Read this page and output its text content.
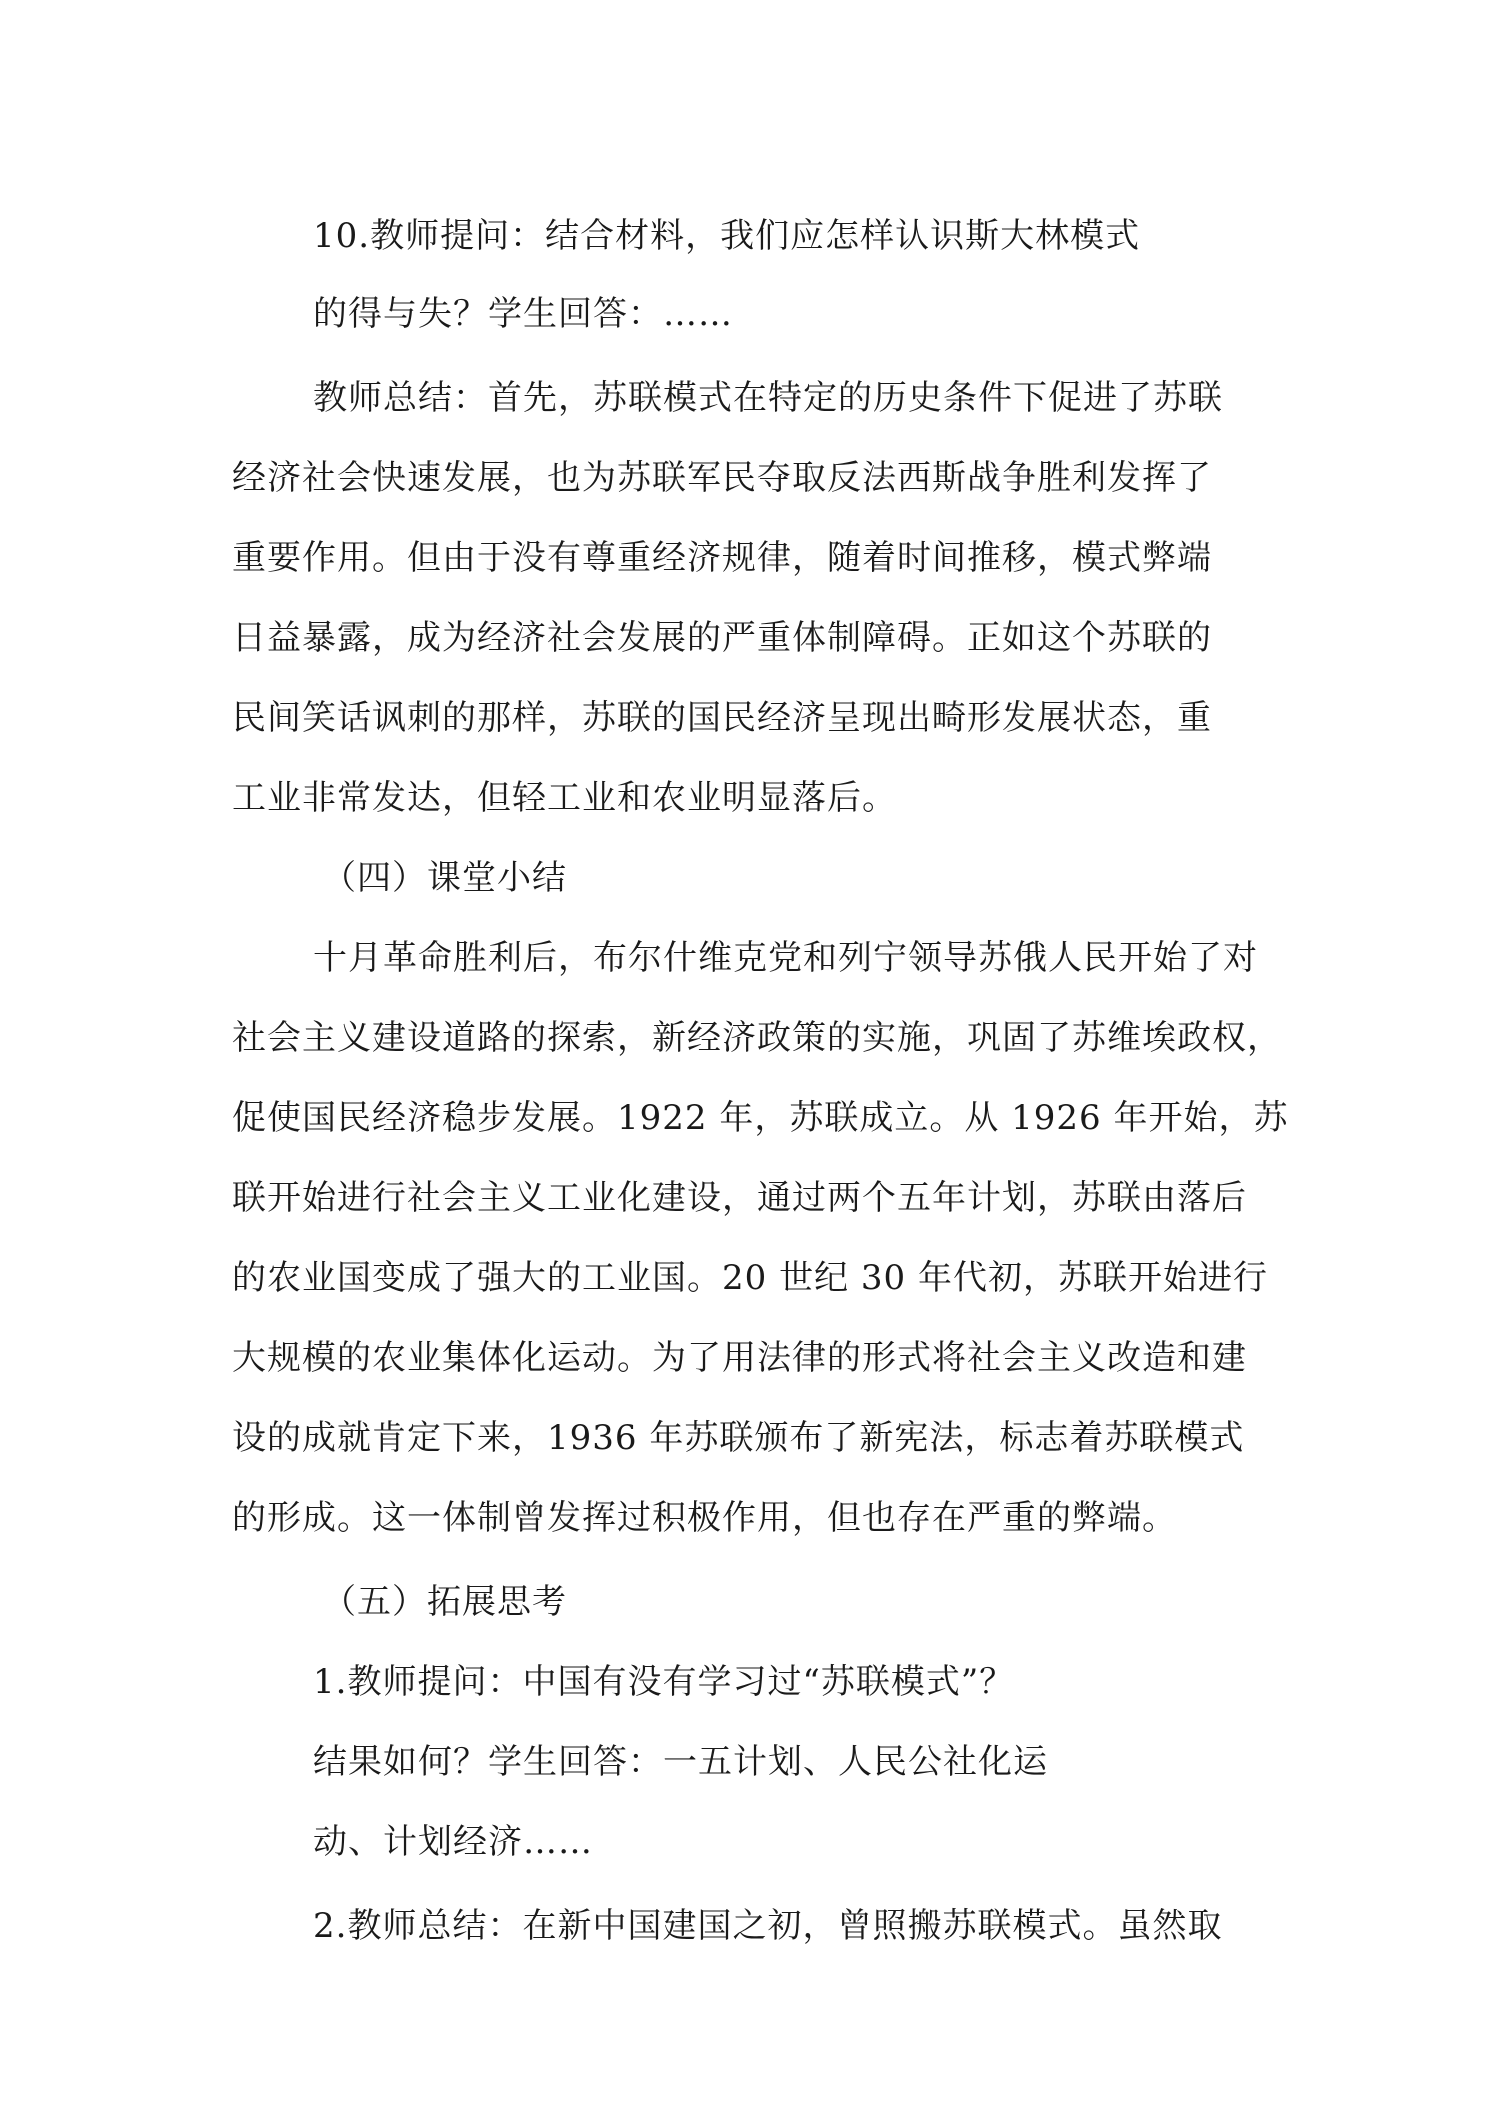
10.教师提问：结合材料，我们应怎样认识斯大林模式
的得与失？学生回答：……
教师总结：首先，苏联模式在特定的历史条件下促进了苏联
经济社会快速发展，也为苏联军民夺取反法西斯战争胜利发挥了
重要作用。但由于没有尊重经济规律，随着时间推移，模式弊端
日益暴露，成为经济社会发展的严重体制障碍。正如这个苏联的
民间笑话讽刺的那样，苏联的国民经济呈现出畸形发展状态，重
工业非常发达，但轻工业和农业明显落后。
（四）课堂小结
十月革命胜利后，布尔什维克党和列宁领导苏俄人民开始了对
社会主义建设道路的探索，新经济政策的实施，巩固了苏维埃政权，
促使国民经济稳步发展。1922 年，苏联成立。从 1926 年开始，苏
联开始进行社会主义工业化建设，通过两个五年计划，苏联由落后
的农业国变成了强大的工业国。20 世纪 30 年代初，苏联开始进行
大规模的农业集体化运动。为了用法律的形式将社会主义改造和建
设的成就肯定下来，1936 年苏联颁布了新宪法，标志着苏联模式
的形成。这一体制曾发挥过积极作用，但也存在严重的弊端。
（五）拓展思考
1.教师提问：中国有没有学习过“苏联模式”？
结果如何？学生回答：一五计划、人民公社化运
动、计划经济……
2.教师总结：在新中国建国之初，曾照搬苏联模式。虽然取
